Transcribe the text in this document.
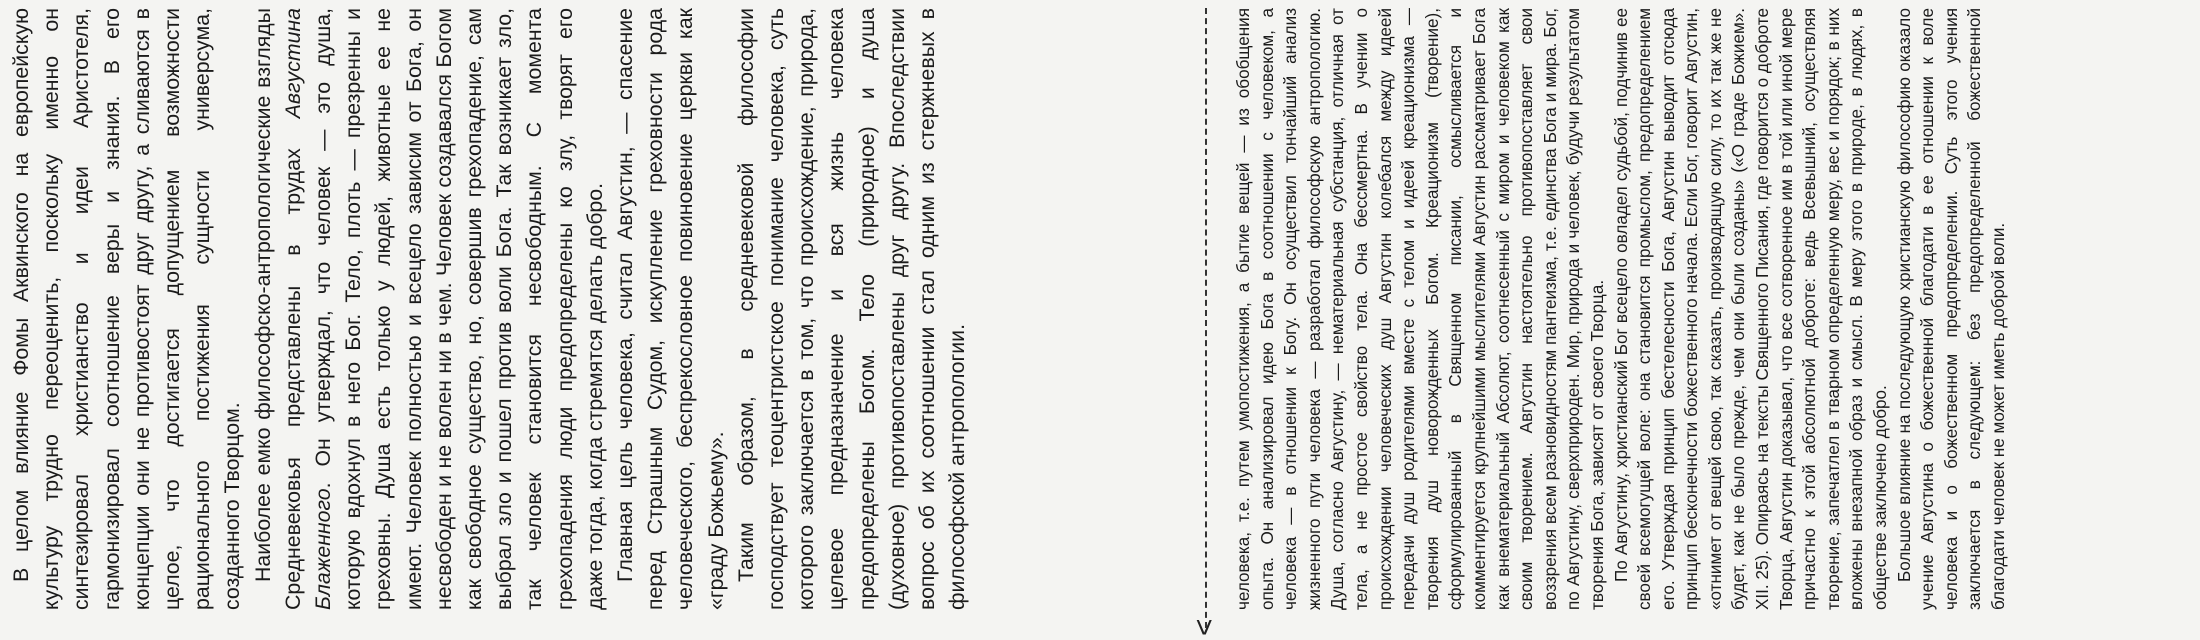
В целом влияние Фомы Аквинского на европейскую культуру трудно переоценить, поскольку именно он синтезировал христианство и идеи Аристотеля, гармонизировал соотношение веры и знания. В его концепции они не противостоят друг другу, а сливаются в целое, что достигается допущением возможности рационального постижения сущности универсума, созданного Творцом. Наиболее емко философско-антропологические взгляды Средневековья представлены в трудах Августина Блаженного. Он утверждал, что человек — это душа, которую вдохнул в него Бог. Тело, плоть — презренны и греховны. Душа есть только у людей, животные ее не имеют. Человек полностью и всецело зависим от Бога, он несвободен и не волен ни в чем. Человек создавался Богом как свободное существо, но, совершив грехопадение, сам выбрал зло и пошел против воли Бога. Так возникает зло, так человек становится несвободным. С момента грехопадения люди предопределены ко злу, творят его даже тогда, когда стремятся делать добро. Главная цель человека, считал Августин, — спасение перед Страшным Судом, искупление греховности рода человеческого, беспрекословное повиновение церкви как «граду Божьему». Таким образом, в средневековой философии господствует теоцентристское понимание человека, суть которого заключается в том, что происхождение, природа, целевое предназначение и вся жизнь человека предопределены Богом. Тело (природное) и душа (духовное) противопоставлены друг другу. Впоследствии вопрос об их соотношении стал одним из стержневых в философской антропологии.

<

человека, т.е. путем умопостижения, а бытие вещей — из обобщения опыта. Он анализировал идею Бога в соотношении с человеком, а человека — в отношении к Богу. Он осуществил тончайший анализ жизненного пути человека — разработал философскую антропологию. Душа, согласно Августину, — нематериальная субстанция, отличная от тела, а не простое свойство тела. Она бессмертна. В учении о происхождении человеческих душ Августин колебался между идеей передачи душ родителями вместе с телом и идеей креационизма — творения душ новорожденных Богом. Креационизм (творение), сформулированный в Священном писании, осмысливается и комментируется крупнейшими мыслителями Августин рассматривает Бога как внематериальный Абсолют, соотнесенный с миром и человеком как своим творением. Августин настоятельно противопоставляет свои воззрения всем разновидностям пантеизма, т.е. единства Бога и мира. Бог, по Августину, сверхприроден. Мир, природа и человек, будучи результатом творения Бога, зависят от своего Творца. По Августину, христианский Бог всецело овладел судьбой, подчинив ее своей всемогущей воле: она становится промыслом, предопределением его. Утверждая принцип бестелесности Бога, Августин выводит отсюда принцип бесконечности божественного начала. Если Бог, говорит Августин, «отнимет от вещей свою, так сказать, производящую силу, то их так же не будет, как не было прежде, чем они были созданы» («О граде Божием». XII. 25). Опираясь на тексты Священного Писания, где говорится о доброте Творца, Августин доказывал, что все сотворенное им в той или иной мере причастно к этой абсолютной доброте: ведь Всевышний, осуществляя творение, запечатлел в тварном определенную меру, вес и порядок; в них вложены внезапной образ и смысл. В меру этого в природе, в людях, в обществе заключено добро. Большое влияние на последующую христианскую философию оказало учение Августина о божественной благодати в ее отношении к воле человека и о божественном предопределении. Суть этого учения заключается в следующем: без предопределенной божественной благодати человек не может иметь доброй воли.
